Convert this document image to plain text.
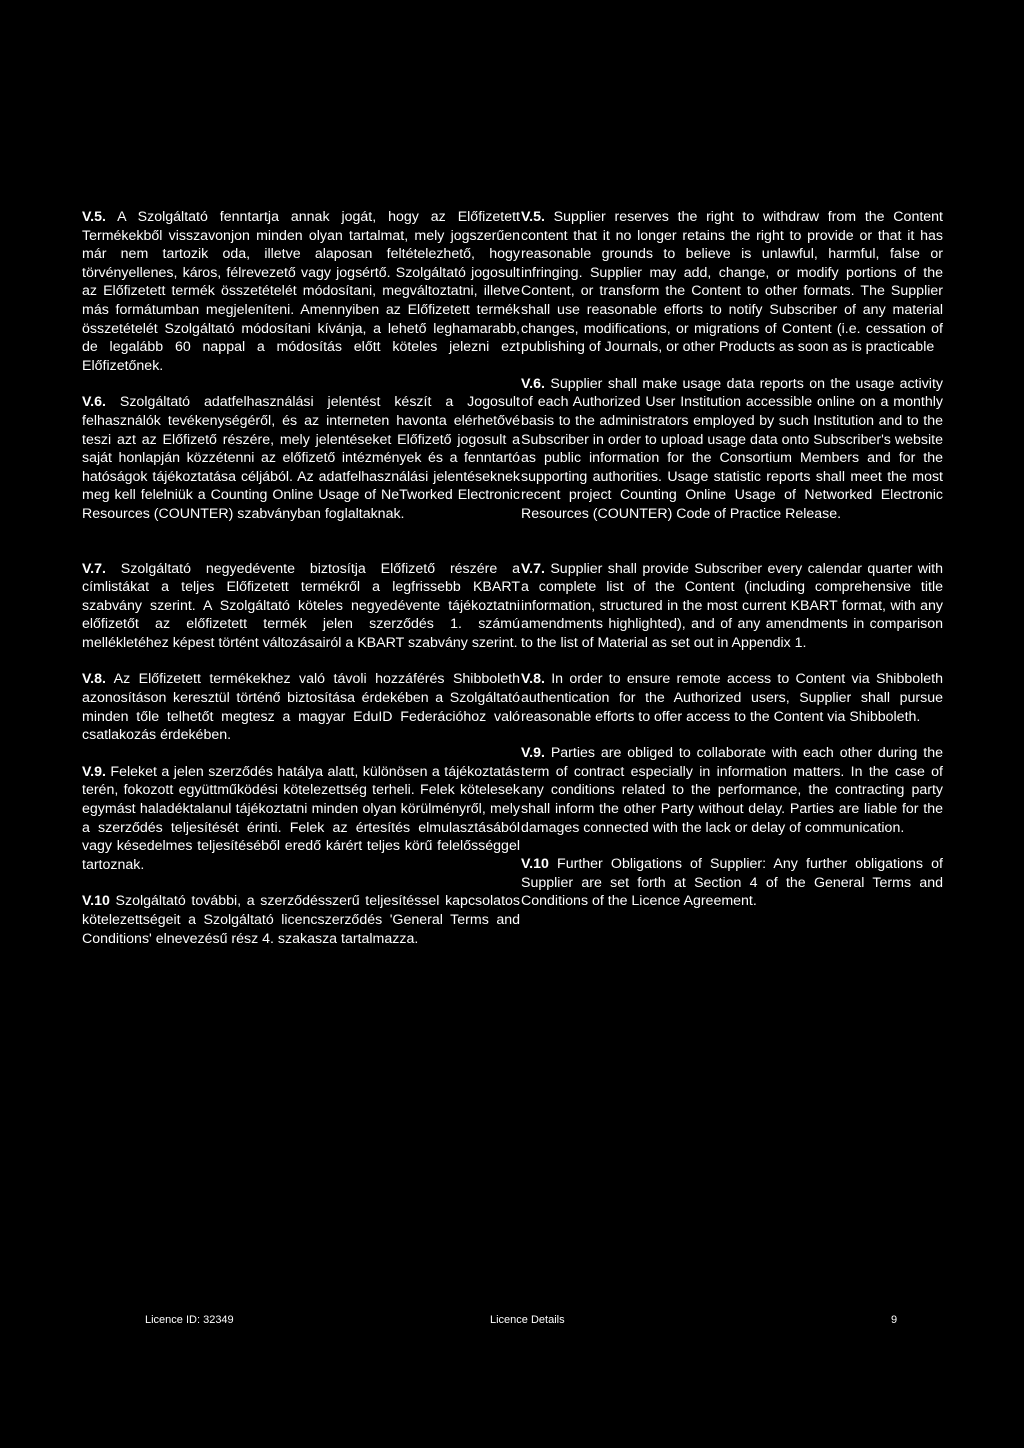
V.5. A Szolgáltató fenntartja annak jogát, hogy az Előfizetett Termékekből visszavonjon minden olyan tartalmat, mely jogszerűen már nem tartozik oda, illetve alaposan feltételezhető, hogy törvényellenes, káros, félrevezető vagy jogsértő. Szolgáltató jogosult az Előfizetett termék összetételét módosítani, megváltoztatni, illetve más formátumban megjeleníteni. Amennyiben az Előfizetett termék összetételét Szolgáltató módosítani kívánja, a lehető leghamarabb, de legalább 60 nappal a módosítás előtt köteles jelezni ezt Előfizetőnek.

V.6. Szolgáltató adatfelhasználási jelentést készít a Jogosult felhasználók tevékenységéről, és az interneten havonta elérhetővé teszi azt az Előfizető részére, mely jelentéseket Előfizető jogosult a saját honlapján közzétenni az előfizető intézmények és a fenntartó hatóságok tájékoztatása céljából. Az adatfelhasználási jelentéseknek meg kell felelniük a Counting Online Usage of NeTworked Electronic Resources (COUNTER) szabványban foglaltaknak.

V.7. Szolgáltató negyedévente biztosítja Előfizető részére a címlistákat a teljes Előfizetett termékről a legfrissebb KBART szabvány szerint. A Szolgáltató köteles negyedévente tájékoztatni előfizetőt az előfizetett termék jelen szerződés 1. számú mellékletéhez képest történt változásairól a KBART szabvány szerint.

V.8. Az Előfizetett termékekhez való távoli hozzáférés Shibboleth azonosításon keresztül történő biztosítása érdekében a Szolgáltató minden tőle telhetőt megtesz a magyar EduID Federációhoz való csatlakozás érdekében.

V.9. Feleket a jelen szerződés hatálya alatt, különösen a tájékoztatás terén, fokozott együttműködési kötelezettség terheli. Felek kötelesek egymást haladéktalanul tájékoztatni minden olyan körülményről, mely a szerződés teljesítését érinti. Felek az értesítés elmulasztásából vagy késedelmes teljesítéséből eredő kárért teljes körű felelősséggel tartoznak.

V.10 Szolgáltató további, a szerződésszerű teljesítéssel kapcsolatos kötelezettségeit a Szolgáltató licencszerződés 'General Terms and Conditions' elnevezésű rész 4. szakasza tartalmazza.

V.5. Supplier reserves the right to withdraw from the Content content that it no longer retains the right to provide or that it has reasonable grounds to believe is unlawful, harmful, false or infringing. Supplier may add, change, or modify portions of the Content, or transform the Content to other formats. The Supplier shall use reasonable efforts to notify Subscriber of any material changes, modifications, or migrations of Content (i.e. cessation of publishing of Journals, or other Products as soon as is practicable

V.6. Supplier shall make usage data reports on the usage activity of each Authorized User Institution accessible online on a monthly basis to the administrators employed by such Institution and to the Subscriber in order to upload usage data onto Subscriber's website as public information for the Consortium Members and for the supporting authorities. Usage statistic reports shall meet the most recent project Counting Online Usage of Networked Electronic Resources (COUNTER) Code of Practice Release.

V.7. Supplier shall provide Subscriber every calendar quarter with a complete list of the Content (including comprehensive title information, structured in the most current KBART format, with any amendments highlighted), and of any amendments in comparison to the list of Material as set out in Appendix 1.

V.8. In order to ensure remote access to Content via Shibboleth authentication for the Authorized users, Supplier shall pursue reasonable efforts to offer access to the Content via Shibboleth.

V.9. Parties are obliged to collaborate with each other during the term of contract especially in information matters. In the case of any conditions related to the performance, the contracting party shall inform the other Party without delay. Parties are liable for the damages connected with the lack or delay of communication.

V.10 Further Obligations of Supplier: Any further obligations of Supplier are set forth at Section 4 of the General Terms and Conditions of the Licence Agreement.

Licence ID: 32349	Licence Details	9
